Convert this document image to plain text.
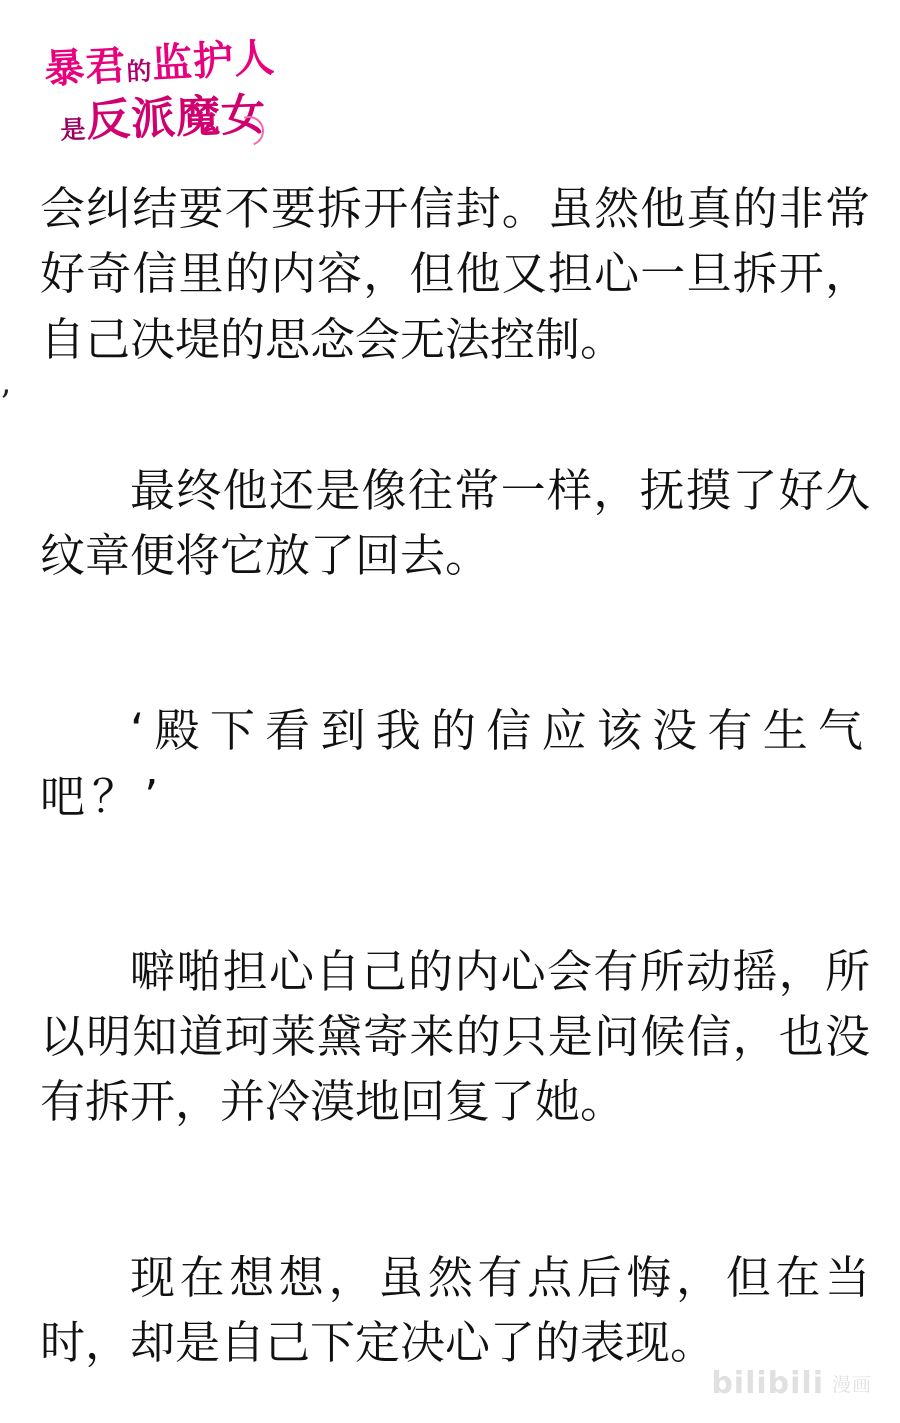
暴君的监护人
是反派魔女
’

会纠结要不要拆开信封。虽然他真的非常好奇信里的内容，但他又担心一旦拆开，自己决堤的思念会无法控制。

最终他还是像往常一样，抚摸了好久纹章便将它放了回去。

‘殿下看到我的信应该没有生气吧？’

噼啪担心自己的内心会有所动摇，所以明知道珂莱黛寄来的只是问候信，也没有拆开，并冷漠地回复了她。

现在想想，虽然有点后悔，但在当时，却是自己下定决心了的表现。

bilibili 漫画
